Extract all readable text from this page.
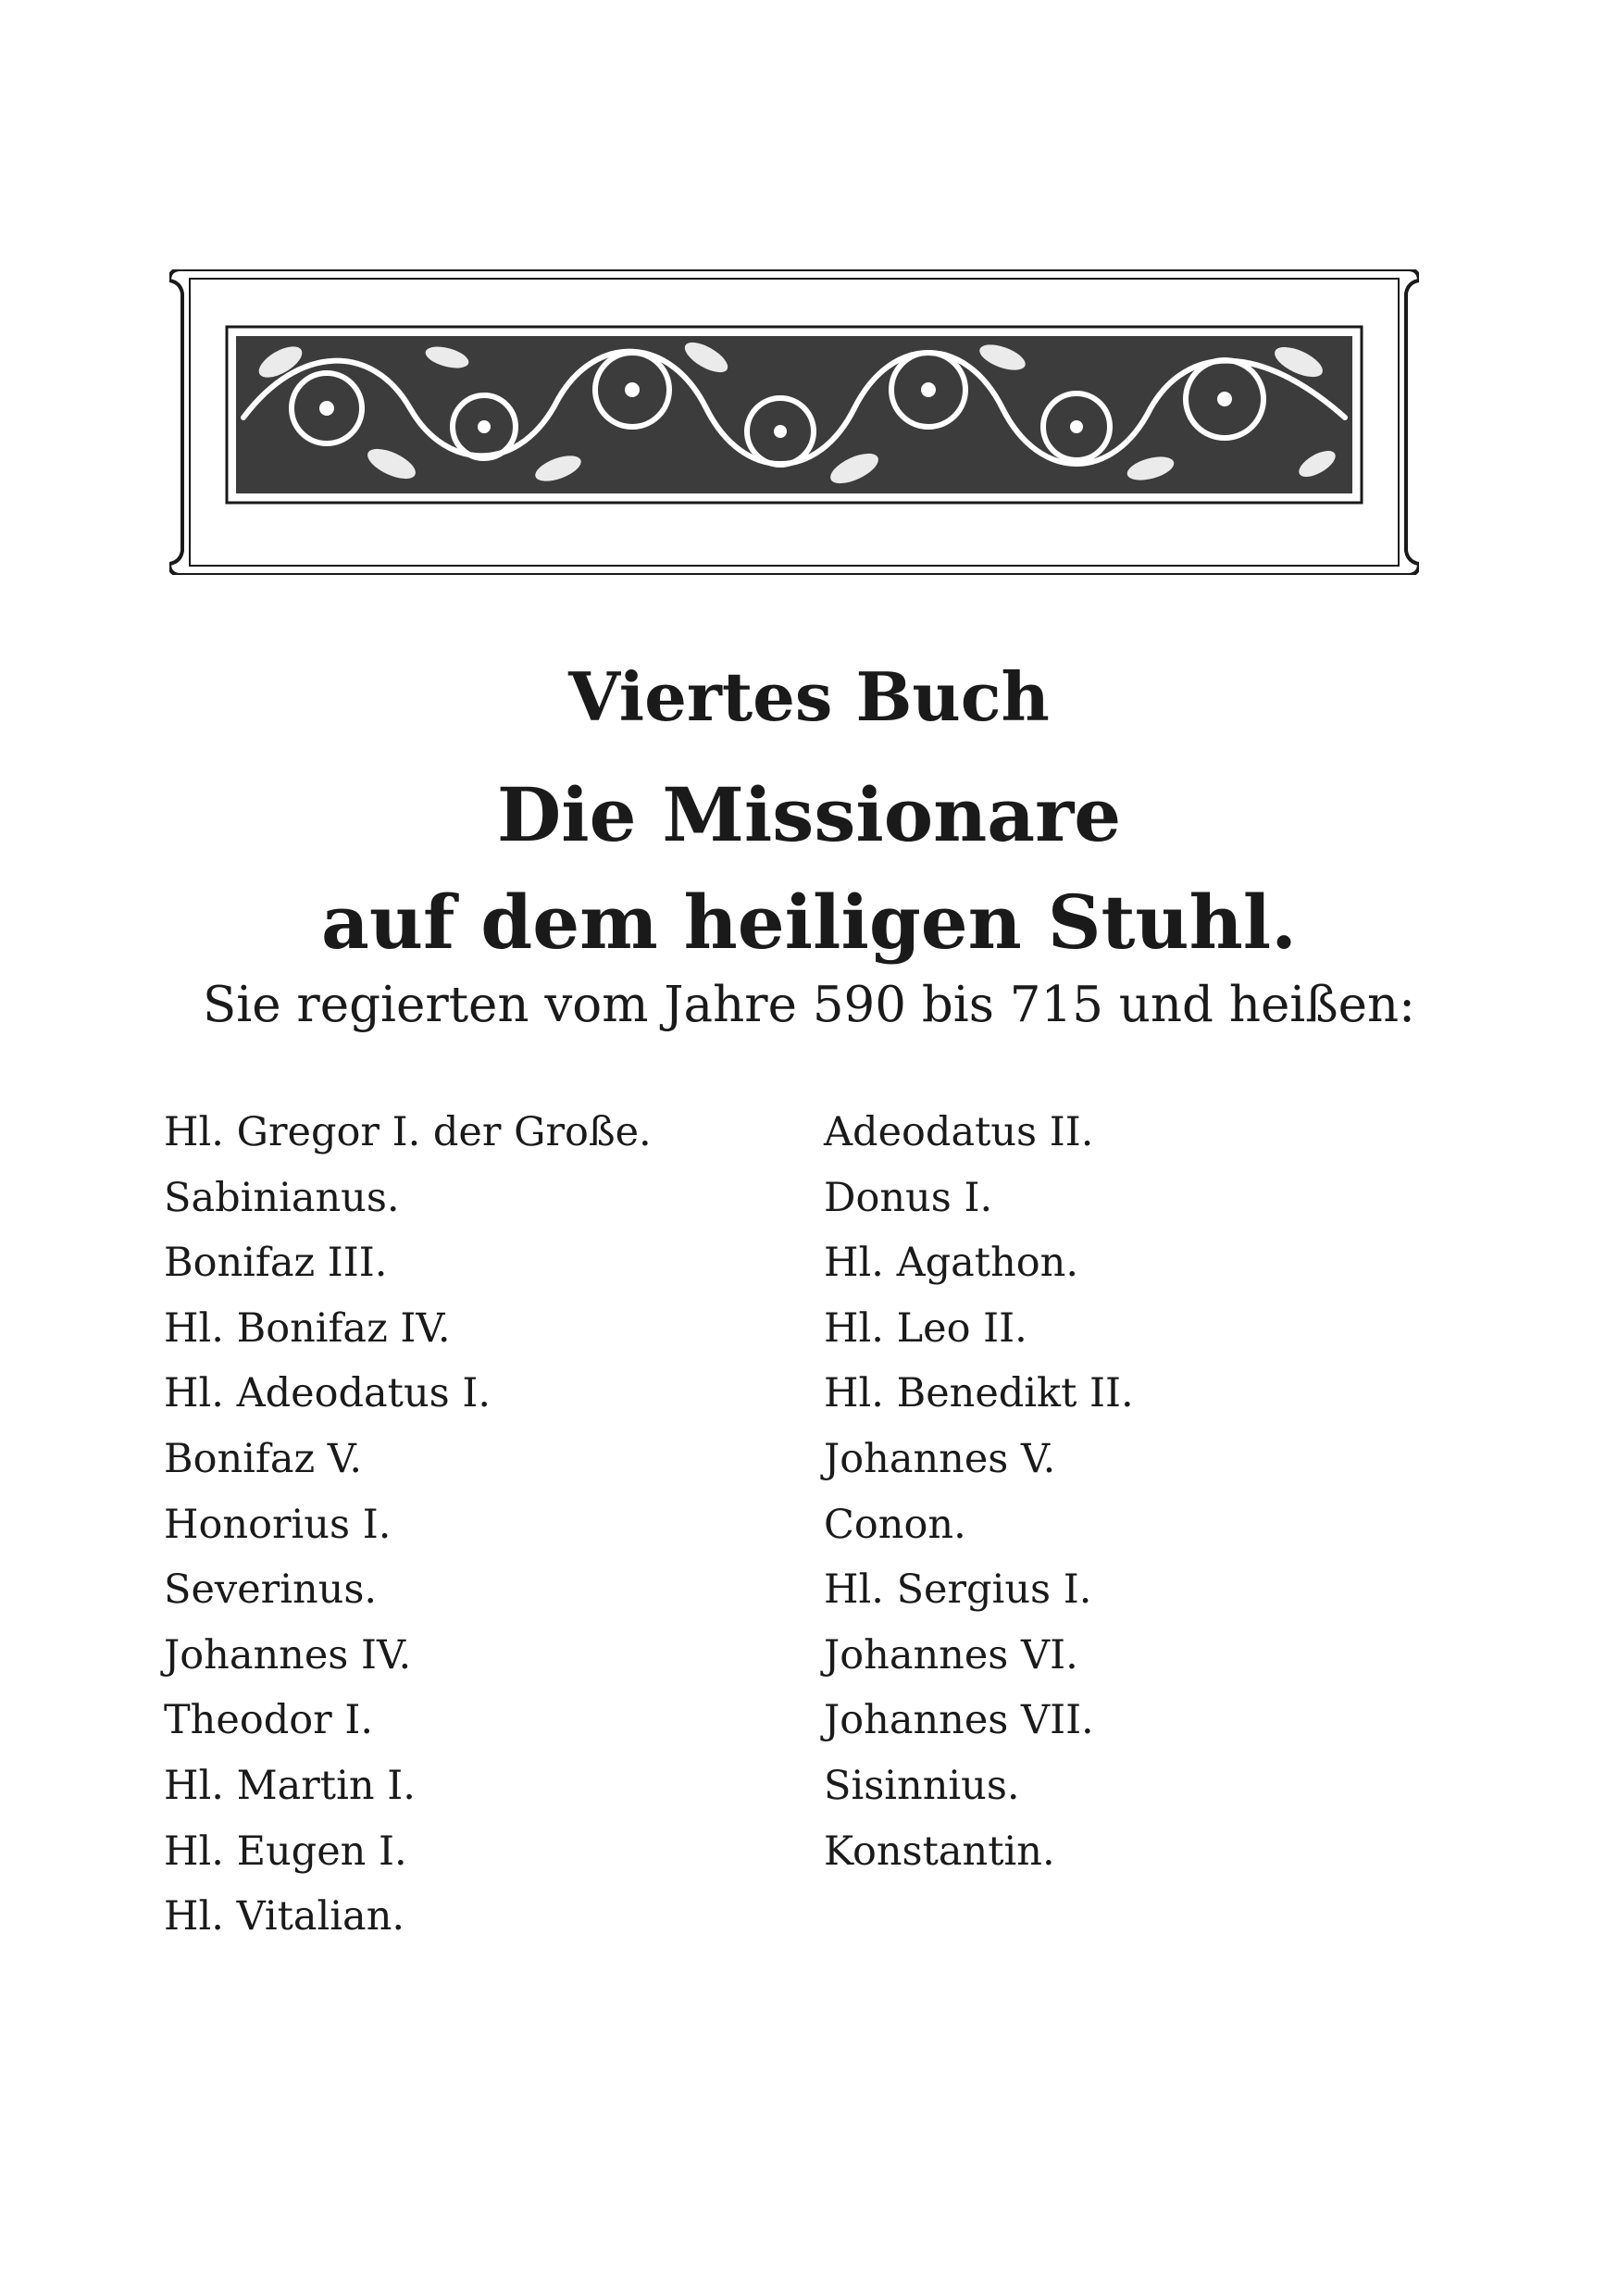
Viertes Buch
Die Missionare
auf dem heiligen Stuhl.
Sie regierten vom Jahre 590 bis 715 und heißen:
Hl. Gregor I. der Große.
Sabinianus.
Bonifaz III.
Hl. Bonifaz IV.
Hl. Adeodatus I.
Bonifaz V.
Honorius I.
Severinus.
Johannes IV.
Theodor I.
Hl. Martin I.
Hl. Eugen I.
Hl. Vitalian.
Adeodatus II.
Donus I.
Hl. Agathon.
Hl. Leo II.
Hl. Benedikt II.
Johannes V.
Conon.
Hl. Sergius I.
Johannes VI.
Johannes VII.
Sisinnius.
Konstantin.
